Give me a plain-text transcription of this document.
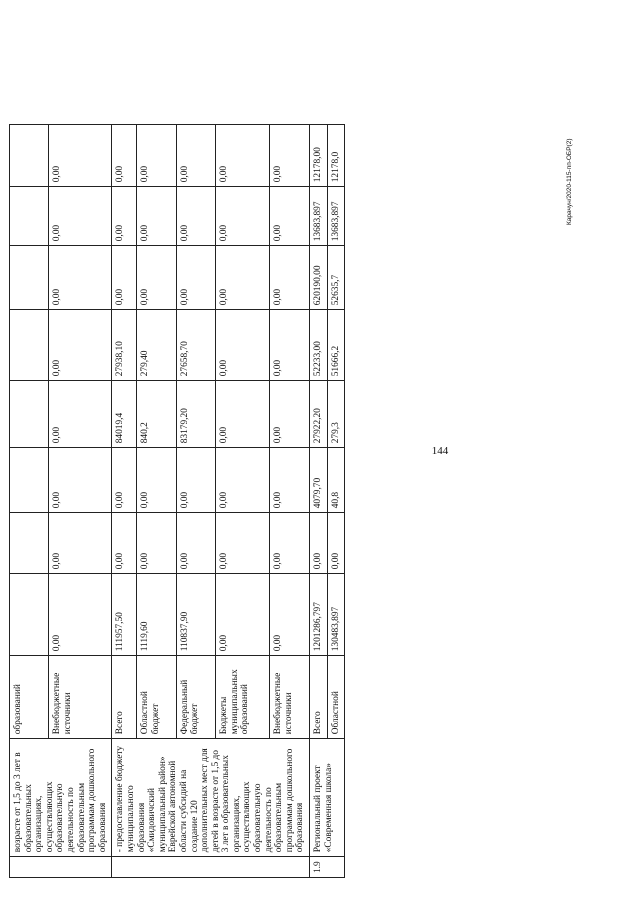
144
	возрасте от 1,5 до 3 лет в образовательных организациях, осуществляющих образовательную деятельность по образовательным программам дошкольного образования	образований								
		Внебюджетные источники	0,00	0,00	0,00	0,00	0,00	0,00	0,00	0,00
	- предоставление бюджету муниципального образования «Смидовичский муниципальный район» Еврейской автономной области субсидий на создание 120 дополнительных мест для детей в возрасте от 1,5 до 3 лет в образовательных организациях, осуществляющих образовательную деятельность по образовательным программам дошкольного образования	Всего	111957,50	0,00	0,00	84019,4	27938,10	0,00	0,00	0,00
		Областной бюджет	1119,60	0,00	0,00	840,2	279,40	0,00	0,00	0,00
		Федеральный бюджет	110837,90	0,00	0,00	83179,20	27658,70	0,00	0,00	0,00
		Бюджеты муниципальных образований	0,00	0,00	0,00	0,00	0,00	0,00	0,00	0,00
		Внебюджетные источники	0,00	0,00	0,00	0,00	0,00	0,00	0,00	0,00
1.9	Региональный проект «Современная школа»	Всего	1201286,797	0,00	4079,70	27922,20	52233,00	620190,00	13683,897	12178,00
		Областной	130483,897	0,00	40,8	279,3	51666,2	52635,7	13683,897	12178,0	Карачун/2020-115-пп-ОБР(2)
